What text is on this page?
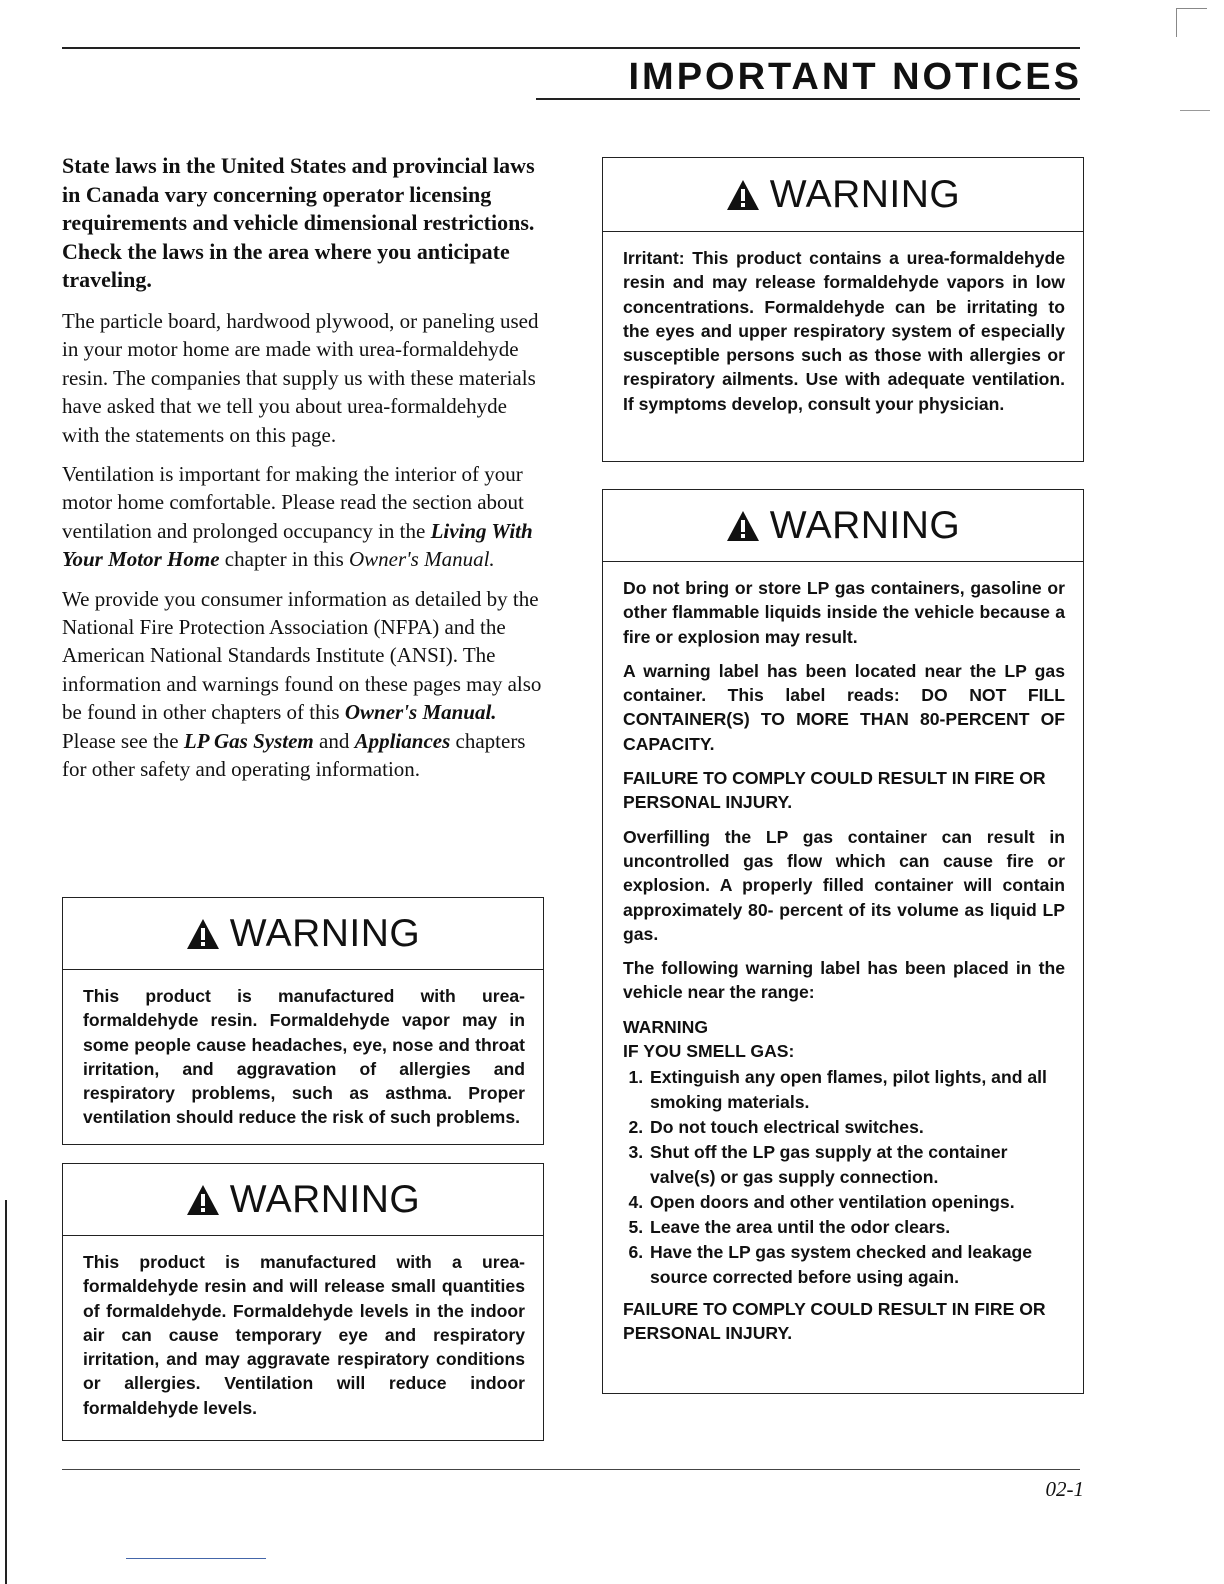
IMPORTANT NOTICES

State laws in the United States and provincial laws in Canada vary concerning operator licensing requirements and vehicle dimensional restrictions. Check the laws in the area where you anticipate traveling.

The particle board, hardwood plywood, or paneling used in your motor home are made with urea-formaldehyde resin. The companies that supply us with these materials have asked that we tell you about urea-formaldehyde with the statements on this page.

Ventilation is important for making the interior of your motor home comfortable. Please read the section about ventilation and prolonged occupancy in the Living With Your Motor Home chapter in this Owner's Manual.

We provide you consumer information as detailed by the National Fire Protection Association (NFPA) and the American National Standards Institute (ANSI). The information and warnings found on these pages may also be found in other chapters of this Owner's Manual. Please see the LP Gas System and Appliances chapters for other safety and operating information.

WARNING

This product is manufactured with urea-formaldehyde resin. Formaldehyde vapor may in some people cause headaches, eye, nose and throat irritation, and aggravation of allergies and respiratory problems, such as asthma. Proper ventilation should reduce the risk of such problems.

WARNING

This product is manufactured with a urea-formaldehyde resin and will release small quantities of formaldehyde. Formaldehyde levels in the indoor air can cause temporary eye and respiratory irritation, and may aggravate respiratory conditions or allergies. Ventilation will reduce indoor formaldehyde levels.

WARNING

Irritant: This product contains a urea-formaldehyde resin and may release formaldehyde vapors in low concentrations. Formaldehyde can be irritating to the eyes and upper respiratory system of especially susceptible persons such as those with allergies or respiratory ailments. Use with adequate ventilation. If symptoms develop, consult your physician.

WARNING

Do not bring or store LP gas containers, gasoline or other flammable liquids inside the vehicle because a fire or explosion may result.

A warning label has been located near the LP gas container. This label reads: DO NOT FILL CONTAINER(S) TO MORE THAN 80-PERCENT OF CAPACITY.

FAILURE TO COMPLY COULD RESULT IN FIRE OR PERSONAL INJURY.

Overfilling the LP gas container can result in uncontrolled gas flow which can cause fire or explosion. A properly filled container will contain approximately 80- percent of its volume as liquid LP gas.

The following warning label has been placed in the vehicle near the range:

WARNING
IF YOU SMELL GAS:

1. Extinguish any open flames, pilot lights, and all smoking materials.
2. Do not touch electrical switches.
3. Shut off the LP gas supply at the container valve(s) or gas supply connection.
4. Open doors and other ventilation openings.
5. Leave the area until the odor clears.
6. Have the LP gas system checked and leakage source corrected before using again.

FAILURE TO COMPLY COULD RESULT IN FIRE OR PERSONAL INJURY.

02-1
